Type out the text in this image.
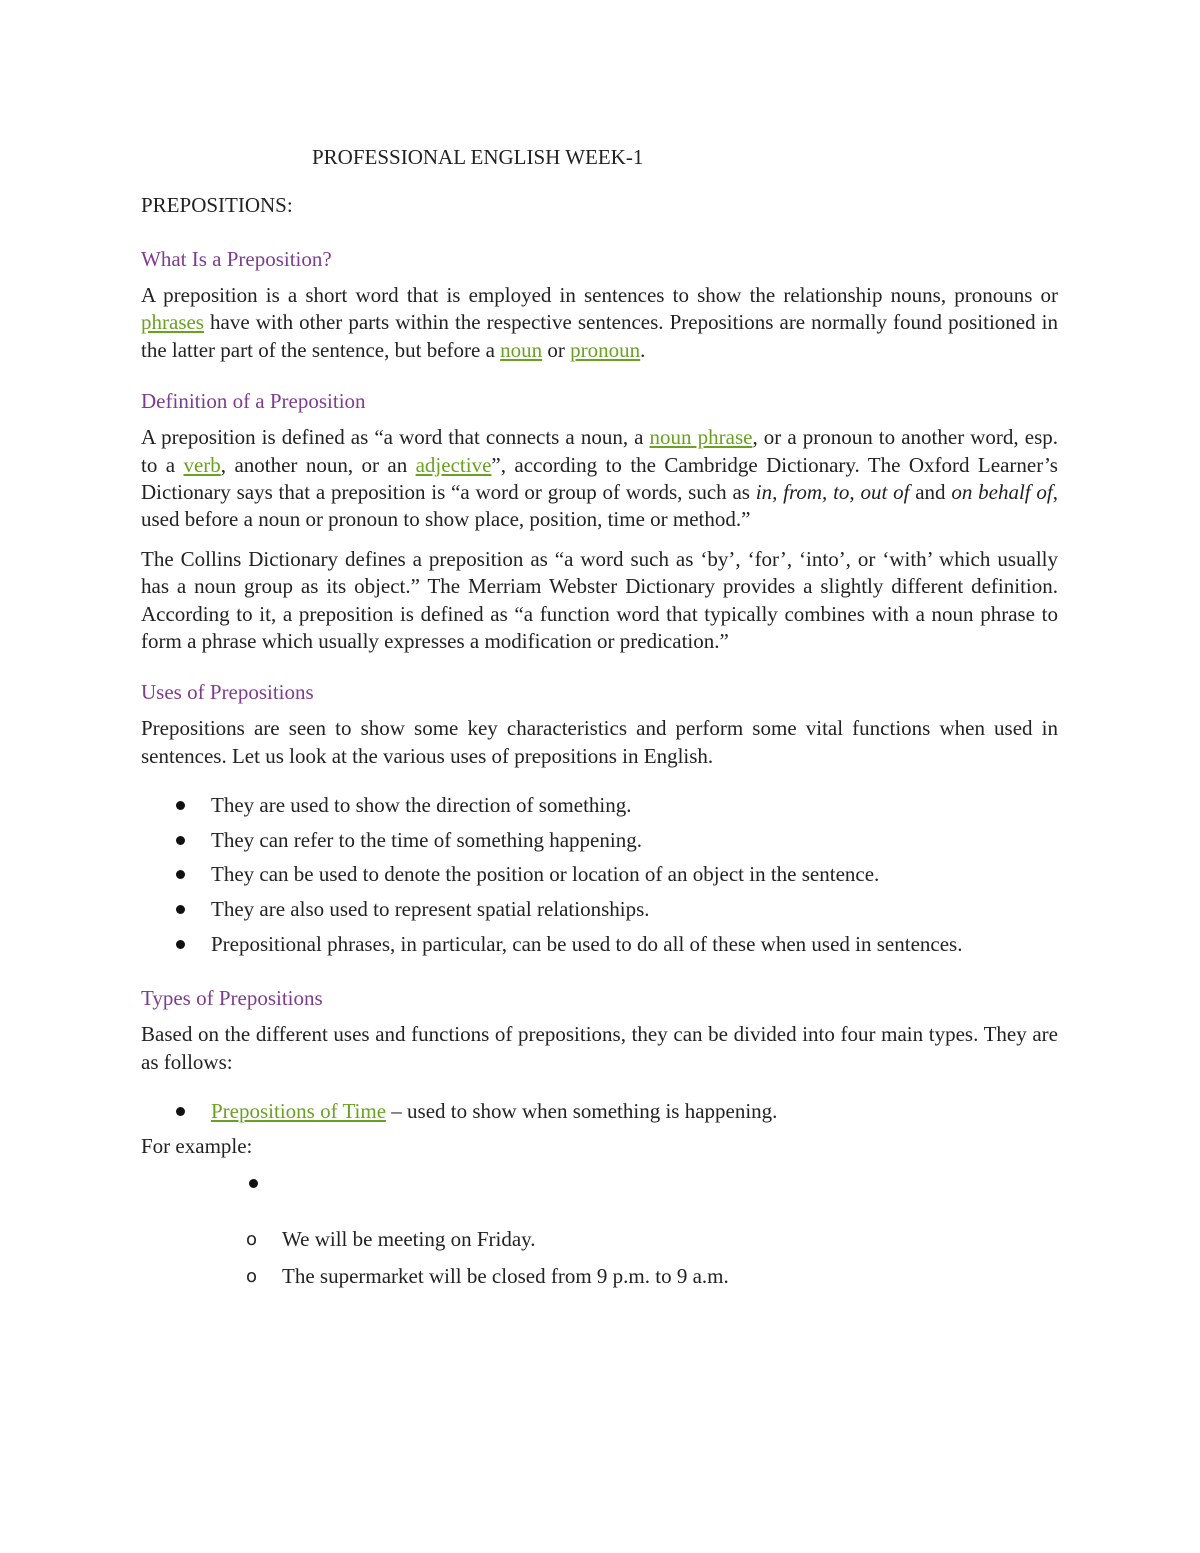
PROFESSIONAL ENGLISH WEEK-1
PREPOSITIONS:
What Is a Preposition?

A preposition is a short word that is employed in sentences to show the relationship nouns, pronouns or phrases have with other parts within the respective sentences. Prepositions are normally found positioned in the latter part of the sentence, but before a noun or pronoun.

Definition of a Preposition

A preposition is defined as “a word that connects a noun, a noun phrase, or a pronoun to another word, esp. to a verb, another noun, or an adjective”, according to the Cambridge Dictionary. The Oxford Learner’s Dictionary says that a preposition is “a word or group of words, such as in, from, to, out of and on behalf of, used before a noun or pronoun to show place, position, time or method.”

The Collins Dictionary defines a preposition as “a word such as ‘by’, ‘for’, ‘into’, or ‘with’ which usually has a noun group as its object.” The Merriam Webster Dictionary provides a slightly different definition. According to it, a preposition is defined as “a function word that typically combines with a noun phrase to form a phrase which usually expresses a modification or predication.”

Uses of Prepositions

Prepositions are seen to show some key characteristics and perform some vital functions when used in sentences. Let us look at the various uses of prepositions in English.

They are used to show the direction of something.
They can refer to the time of something happening.
They can be used to denote the position or location of an object in the sentence.
They are also used to represent spatial relationships.
Prepositional phrases, in particular, can be used to do all of these when used in sentences.
Types of Prepositions

Based on the different uses and functions of prepositions, they can be divided into four main types. They are as follows:

Prepositions of Time – used to show when something is happening.
For example:
o We will be meeting on Friday.
o The supermarket will be closed from 9 p.m. to 9 a.m.
